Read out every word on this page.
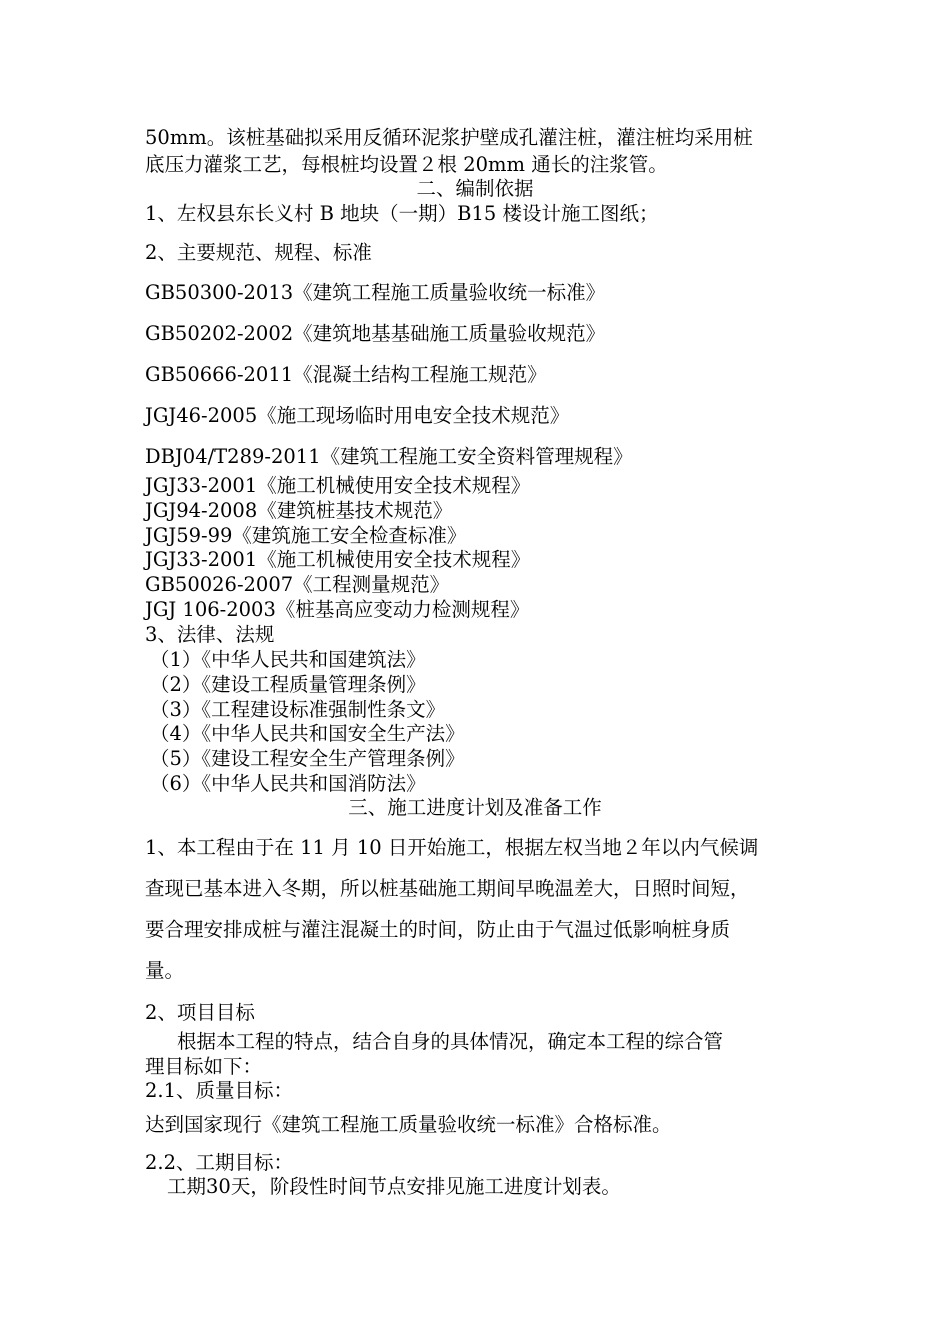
50mm。该桩基础拟采用反循环泥浆护壁成孔灌注桩，灌注桩均采用桩
底压力灌浆工艺，每根桩均设置２根 20mm 通长的注浆管。
二、编制依据
1、左权县东长义村 B 地块（一期）B15 楼设计施工图纸；
2、主要规范、规程、标准
GB50300-2013《建筑工程施工质量验收统一标准》
GB50202-2002《建筑地基基础施工质量验收规范》
GB50666-2011《混凝土结构工程施工规范》
JGJ46-2005《施工现场临时用电安全技术规范》
DBJ04/T289-2011《建筑工程施工安全资料管理规程》
JGJ33-2001《施工机械使用安全技术规程》
JGJ94-2008《建筑桩基技术规范》
JGJ59-99《建筑施工安全检查标准》
JGJ33-2001《施工机械使用安全技术规程》
GB50026-2007《工程测量规范》
JGJ 106-2003《桩基高应变动力检测规程》
3、法律、法规
（1）《中华人民共和国建筑法》
（2）《建设工程质量管理条例》
（3）《工程建设标准强制性条文》
（4）《中华人民共和国安全生产法》
（5）《建设工程安全生产管理条例》
（6）《中华人民共和国消防法》
三、施工进度计划及准备工作
1、本工程由于在 11 月 10 日开始施工，根据左权当地２年以内气候调
查现已基本进入冬期，所以桩基础施工期间早晚温差大，日照时间短，
要合理安排成桩与灌注混凝土的时间，防止由于气温过低影响桩身质
量。
2、项目目标
根据本工程的特点，结合自身的具体情况，确定本工程的综合管
理目标如下：
2.1、质量目标：
达到国家现行《建筑工程施工质量验收统一标准》合格标准。
2.2、工期目标：
工期30天，阶段性时间节点安排见施工进度计划表。
